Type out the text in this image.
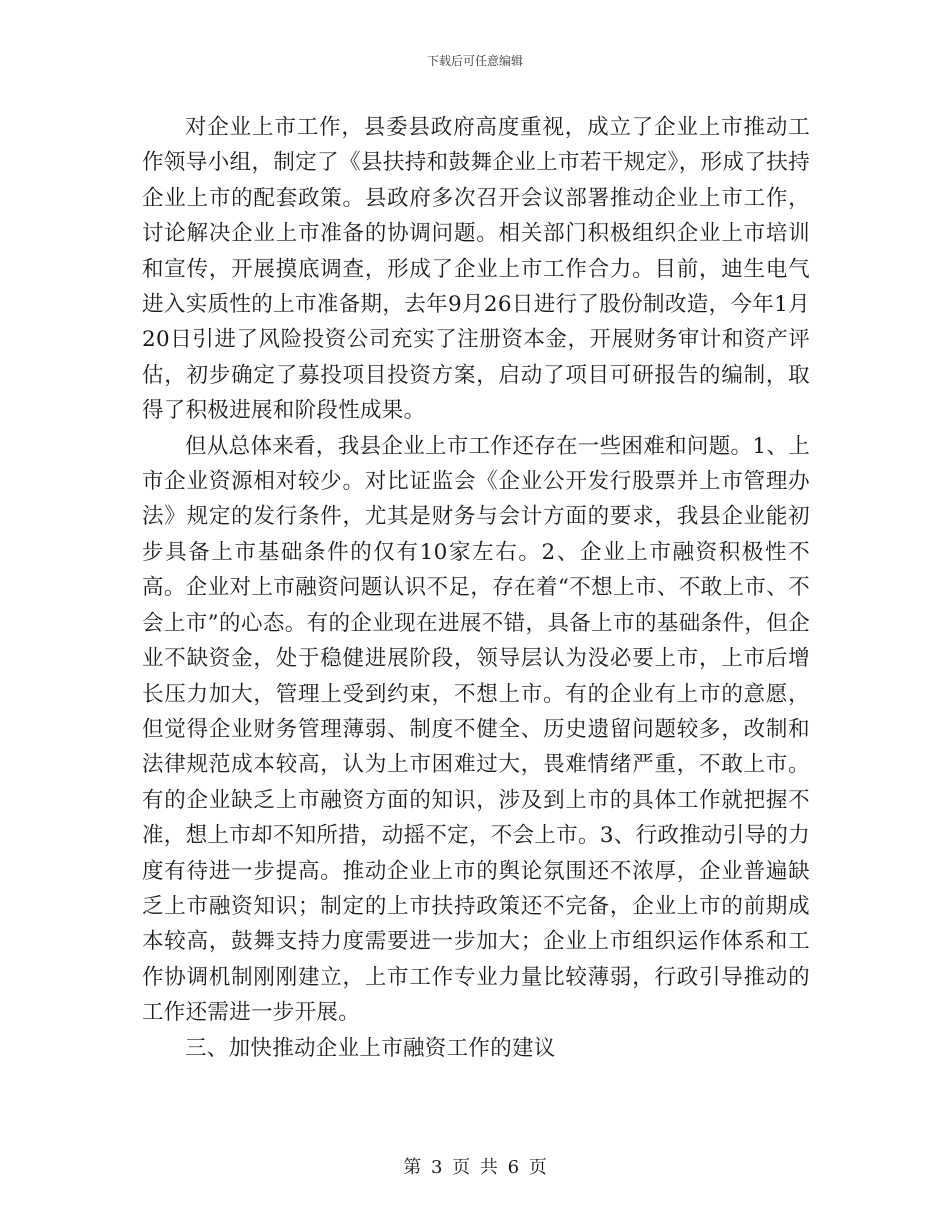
下载后可任意编辑

对企业上市工作，县委县政府高度重视，成立了企业上市推动工作领导小组，制定了《县扶持和鼓舞企业上市若干规定》，形成了扶持企业上市的配套政策。县政府多次召开会议部署推动企业上市工作，讨论解决企业上市准备的协调问题。相关部门积极组织企业上市培训和宣传，开展摸底调查，形成了企业上市工作合力。目前，迪生电气进入实质性的上市准备期，去年9月26日进行了股份制改造，今年1月20日引进了风险投资公司充实了注册资本金，开展财务审计和资产评估，初步确定了募投项目投资方案，启动了项目可研报告的编制，取得了积极进展和阶段性成果。

但从总体来看，我县企业上市工作还存在一些困难和问题。1、上市企业资源相对较少。对比证监会《企业公开发行股票并上市管理办法》规定的发行条件，尤其是财务与会计方面的要求，我县企业能初步具备上市基础条件的仅有10家左右。2、企业上市融资积极性不高。企业对上市融资问题认识不足，存在着“不想上市、不敢上市、不会上市”的心态。有的企业现在进展不错，具备上市的基础条件，但企业不缺资金，处于稳健进展阶段，领导层认为没必要上市，上市后增长压力加大，管理上受到约束，不想上市。有的企业有上市的意愿，但觉得企业财务管理薄弱、制度不健全、历史遗留问题较多，改制和法律规范成本较高，认为上市困难过大，畏难情绪严重，不敢上市。有的企业缺乏上市融资方面的知识，涉及到上市的具体工作就把握不准，想上市却不知所措，动摇不定，不会上市。3、行政推动引导的力度有待进一步提高。推动企业上市的舆论氛围还不浓厚，企业普遍缺乏上市融资知识；制定的上市扶持政策还不完备，企业上市的前期成本较高，鼓舞支持力度需要进一步加大；企业上市组织运作体系和工作协调机制刚刚建立，上市工作专业力量比较薄弱，行政引导推动的工作还需进一步开展。

三、加快推动企业上市融资工作的建议

第 3 页 共 6 页
